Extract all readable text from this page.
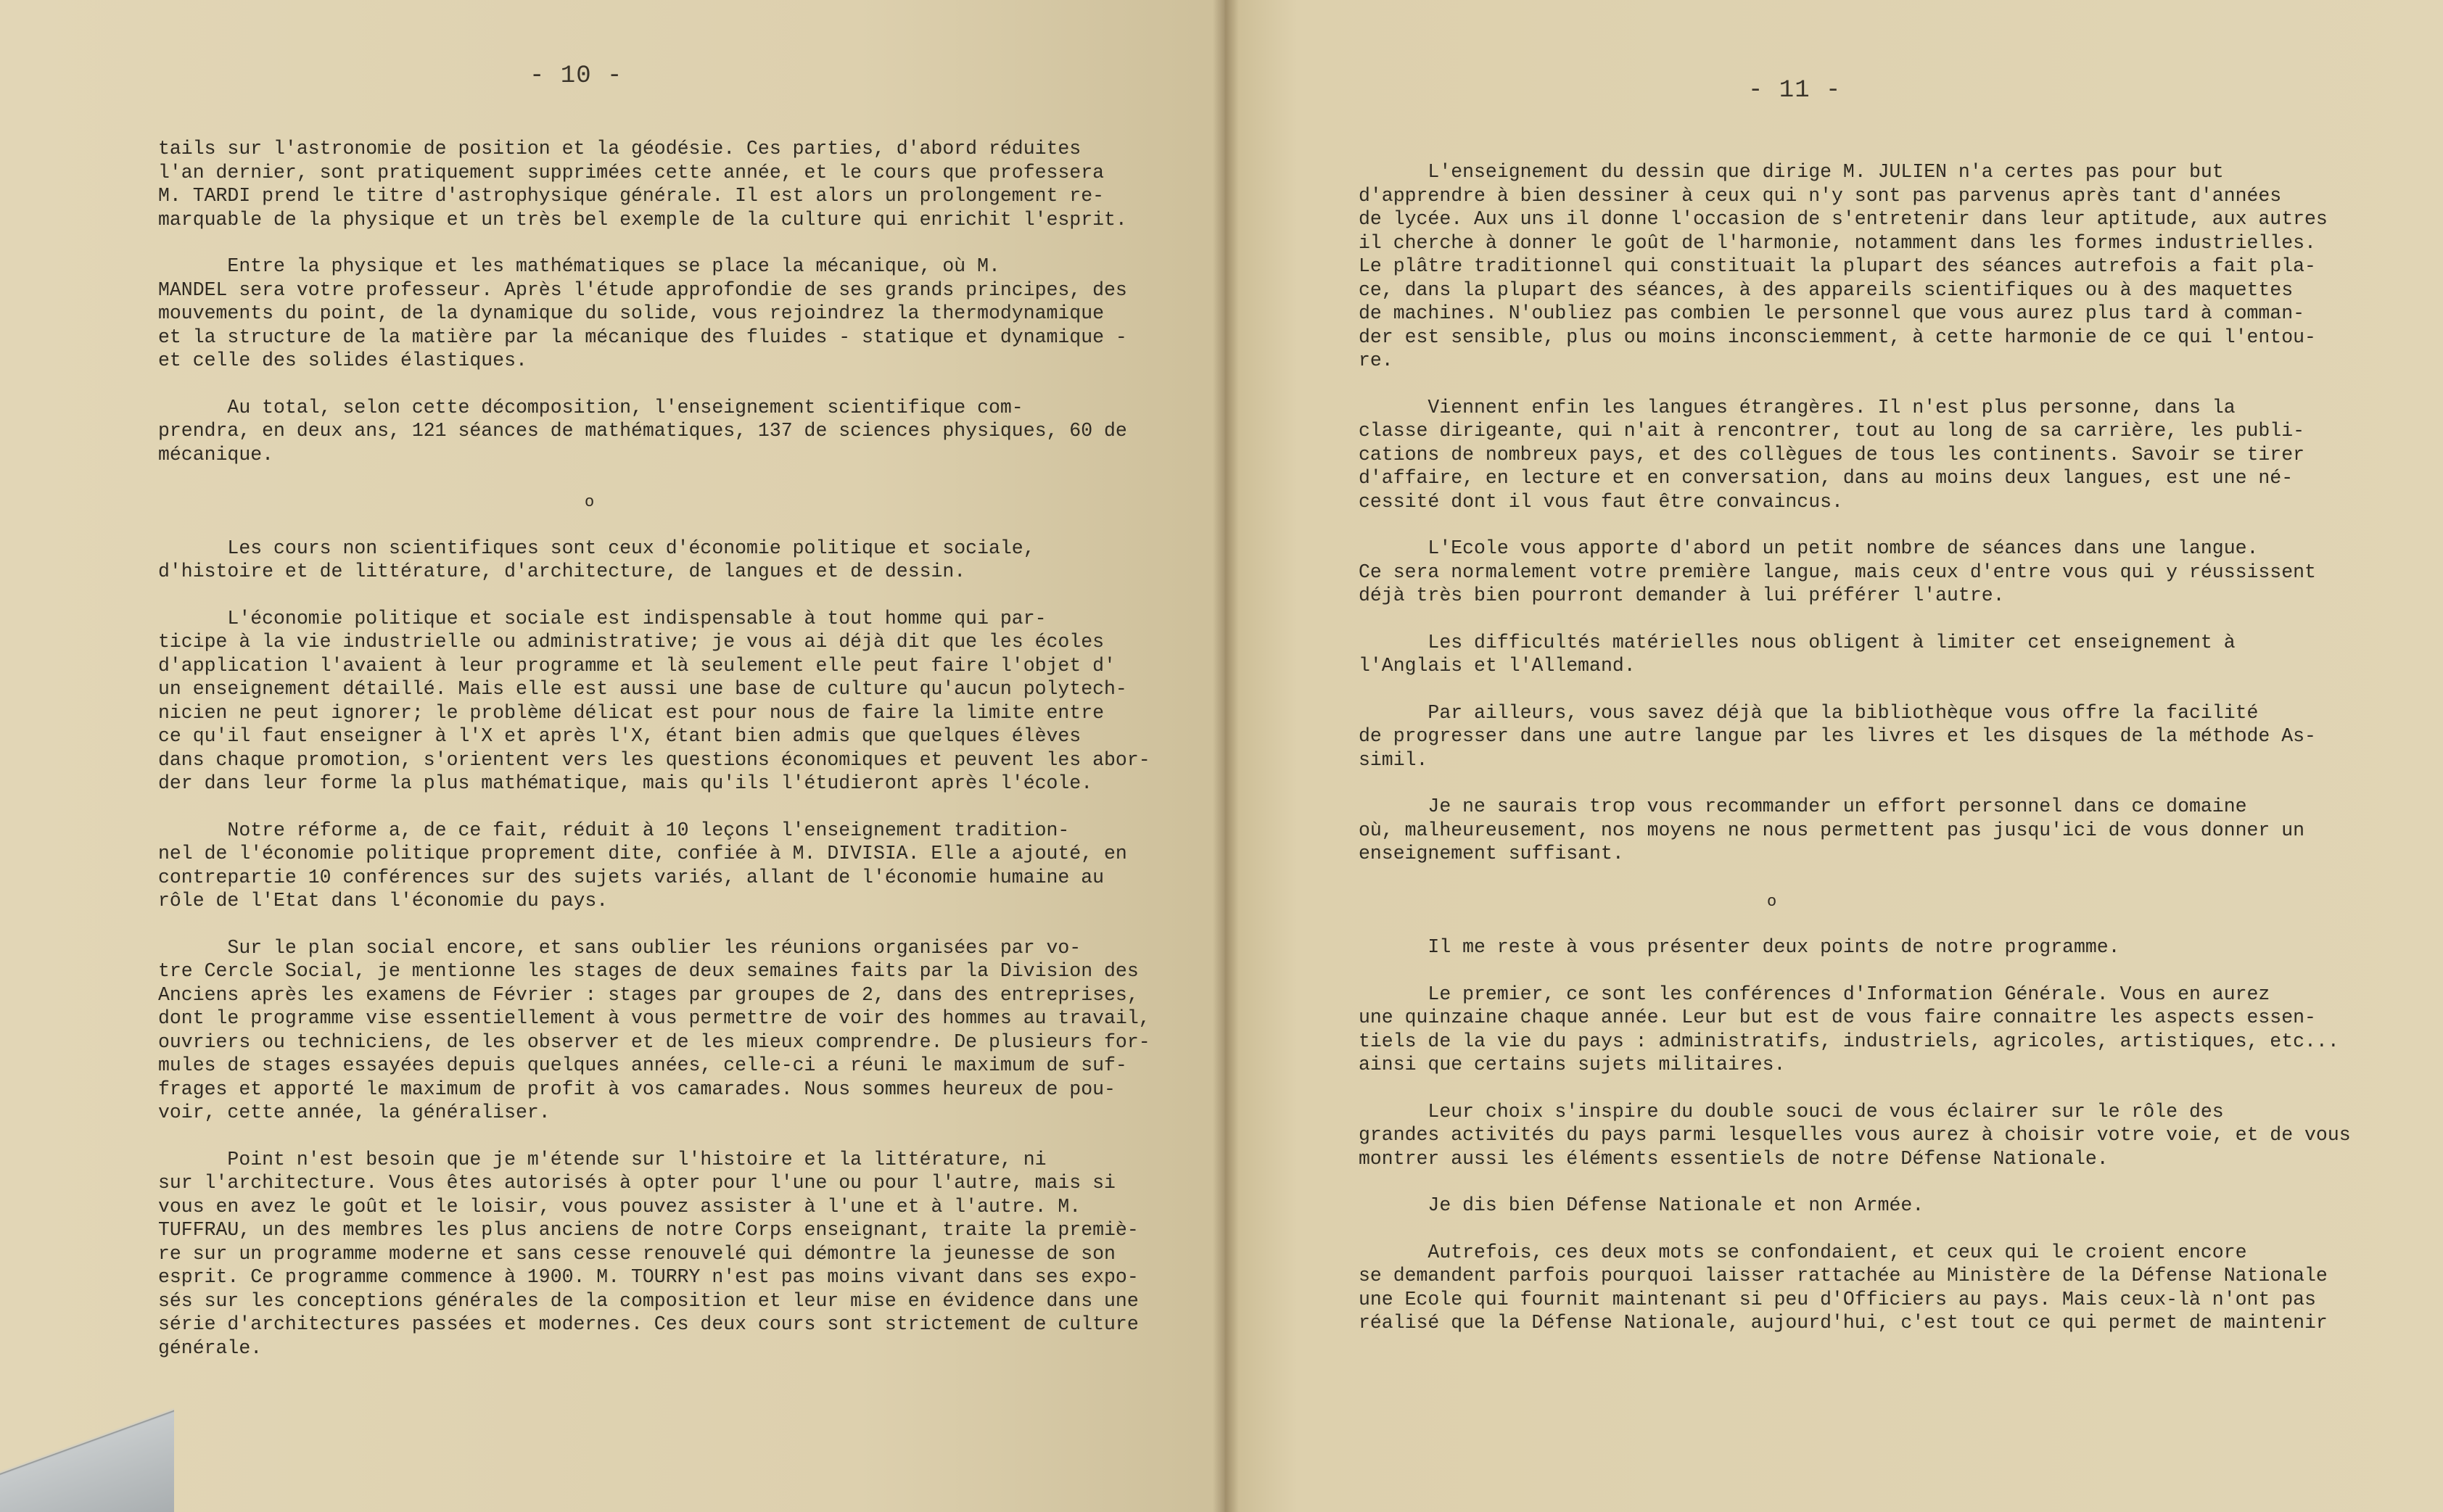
- 10 -
tails sur l'astronomie de position et la géodésie. Ces parties, d'abord réduites
l'an dernier, sont pratiquement supprimées cette année, et le cours que professera
M. TARDI prend le titre d'astrophysique générale. Il est alors un prolongement re-
marquable de la physique et un très bel exemple de la culture qui enrichit l'esprit.
Entre la physique et les mathématiques se place la mécanique, où M.
MANDEL sera votre professeur. Après l'étude approfondie de ses grands principes, des
mouvements du point, de la dynamique du solide, vous rejoindrez la thermodynamique
et la structure de la matière par la mécanique des fluides - statique et dynamique -
et celle des solides élastiques.
Au total, selon cette décomposition, l'enseignement scientifique com-
prendra, en deux ans, 121 séances de mathématiques, 137 de sciences physiques, 60 de
mécanique.
o
Les cours non scientifiques sont ceux d'économie politique et sociale,
d'histoire et de littérature, d'architecture, de langues et de dessin.
L'économie politique et sociale est indispensable à tout homme qui par-
ticipe à la vie industrielle ou administrative; je vous ai déjà dit que les écoles
d'application l'avaient à leur programme et là seulement elle peut faire l'objet d'
un enseignement détaillé. Mais elle est aussi une base de culture qu'aucun polytech-
nicien ne peut ignorer; le problème délicat est pour nous de faire la limite entre
ce qu'il faut enseigner à l'X et après l'X, étant bien admis que quelques élèves
dans chaque promotion, s'orientent vers les questions économiques et peuvent les abor-
der dans leur forme la plus mathématique, mais qu'ils l'étudieront après l'école.
Notre réforme a, de ce fait, réduit à 10 leçons l'enseignement tradition-
nel de l'économie politique proprement dite, confiée à M. DIVISIA. Elle a ajouté, en
contrepartie 10 conférences sur des sujets variés, allant de l'économie humaine au
rôle de l'Etat dans l'économie du pays.
Sur le plan social encore, et sans oublier les réunions organisées par vo-
tre Cercle Social, je mentionne les stages de deux semaines faits par la Division des
Anciens après les examens de Février : stages par groupes de 2, dans des entreprises,
dont le programme vise essentiellement à vous permettre de voir des hommes au travail,
ouvriers ou techniciens, de les observer et de les mieux comprendre. De plusieurs for-
mules de stages essayées depuis quelques années, celle-ci a réuni le maximum de suf-
frages et apporté le maximum de profit à vos camarades. Nous sommes heureux de pou-
voir, cette année, la généraliser.
Point n'est besoin que je m'étende sur l'histoire et la littérature, ni
sur l'architecture. Vous êtes autorisés à opter pour l'une ou pour l'autre, mais si
vous en avez le goût et le loisir, vous pouvez assister à l'une et à l'autre. M.
TUFFRAU, un des membres les plus anciens de notre Corps enseignant, traite la premiè-
re sur un programme moderne et sans cesse renouvelé qui démontre la jeunesse de son
esprit. Ce programme commence à 1900. M. TOURRY n'est pas moins vivant dans ses expo-
sés sur les conceptions générales de la composition et leur mise en évidence dans une
série d'architectures passées et modernes. Ces deux cours sont strictement de culture
générale.
- 11 -
L'enseignement du dessin que dirige M. JULIEN n'a certes pas pour but
d'apprendre à bien dessiner à ceux qui n'y sont pas parvenus après tant d'années
de lycée. Aux uns il donne l'occasion de s'entretenir dans leur aptitude, aux autres
il cherche à donner le goût de l'harmonie, notamment dans les formes industrielles.
Le plâtre traditionnel qui constituait la plupart des séances autrefois a fait pla-
ce, dans la plupart des séances, à des appareils scientifiques ou à des maquettes
de machines. N'oubliez pas combien le personnel que vous aurez plus tard à comman-
der est sensible, plus ou moins inconsciemment, à cette harmonie de ce qui l'entou-
re.
Viennent enfin les langues étrangères. Il n'est plus personne, dans la
classe dirigeante, qui n'ait à rencontrer, tout au long de sa carrière, les publi-
cations de nombreux pays, et des collègues de tous les continents. Savoir se tirer
d'affaire, en lecture et en conversation, dans au moins deux langues, est une né-
cessité dont il vous faut être convaincus.
L'Ecole vous apporte d'abord un petit nombre de séances dans une langue.
Ce sera normalement votre première langue, mais ceux d'entre vous qui y réussissent
déjà très bien pourront demander à lui préférer l'autre.
Les difficultés matérielles nous obligent à limiter cet enseignement à
l'Anglais et l'Allemand.
Par ailleurs, vous savez déjà que la bibliothèque vous offre la facilité
de progresser dans une autre langue par les livres et les disques de la méthode As-
simil.
Je ne saurais trop vous recommander un effort personnel dans ce domaine
où, malheureusement, nos moyens ne nous permettent pas jusqu'ici de vous donner un
enseignement suffisant.
o
Il me reste à vous présenter deux points de notre programme.
Le premier, ce sont les conférences d'Information Générale. Vous en aurez
une quinzaine chaque année. Leur but est de vous faire connaitre les aspects essen-
tiels de la vie du pays : administratifs, industriels, agricoles, artistiques, etc...
ainsi que certains sujets militaires.
Leur choix s'inspire du double souci de vous éclairer sur le rôle des
grandes activités du pays parmi lesquelles vous aurez à choisir votre voie, et de vous
montrer aussi les éléments essentiels de notre Défense Nationale.
Je dis bien Défense Nationale et non Armée.
Autrefois, ces deux mots se confondaient, et ceux qui le croient encore
se demandent parfois pourquoi laisser rattachée au Ministère de la Défense Nationale
une Ecole qui fournit maintenant si peu d'Officiers au pays. Mais ceux-là n'ont pas
réalisé que la Défense Nationale, aujourd'hui, c'est tout ce qui permet de maintenir
